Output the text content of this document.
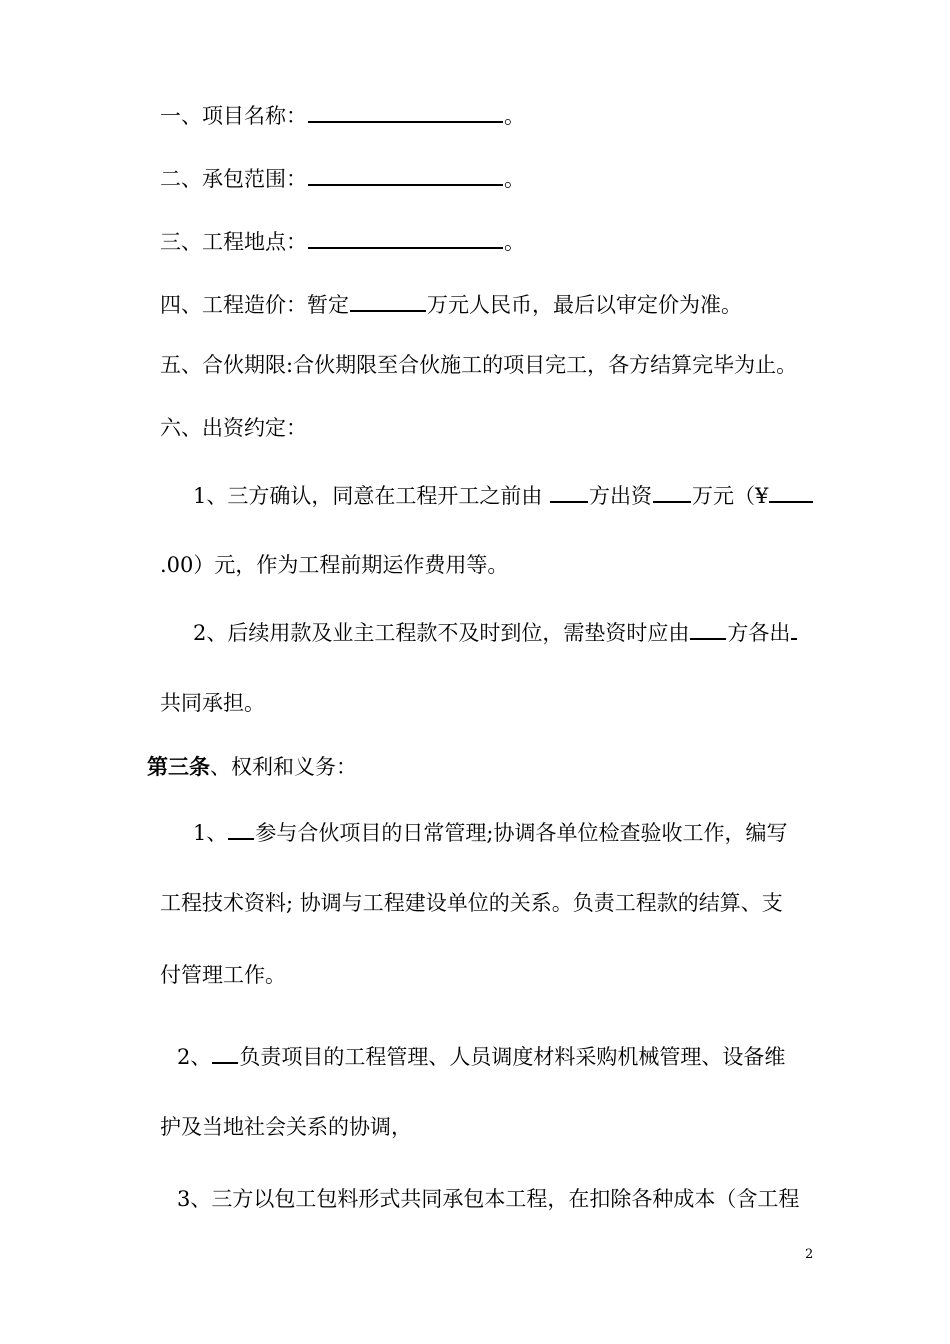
一、项目名称：	。
二、承包范围：	。
三、工程地点：	。
四、工程造价：暂定	万元人民币，最后以审定价为准。
五、合伙期限:合伙期限至合伙施工的项目完工，各方结算完毕为止。
六、出资约定：
1、三方确认，同意在工程开工之前由 方出资 万元（¥
.00）元，作为工程前期运作费用等。
2、后续用款及业主工程款不及时到位，需垫资时应由 方各出
共同承担。
第三条、权利和义务：
1、 参与合伙项目的日常管理;协调各单位检查验收工作，编写
工程技术资料; 协调与工程建设单位的关系。负责工程款的结算、支
付管理工作。
2、 负责项目的工程管理、人员调度材料采购机械管理、设备维
护及当地社会关系的协调，
3、三方以包工包料形式共同承包本工程，在扣除各种成本（含工程
2
